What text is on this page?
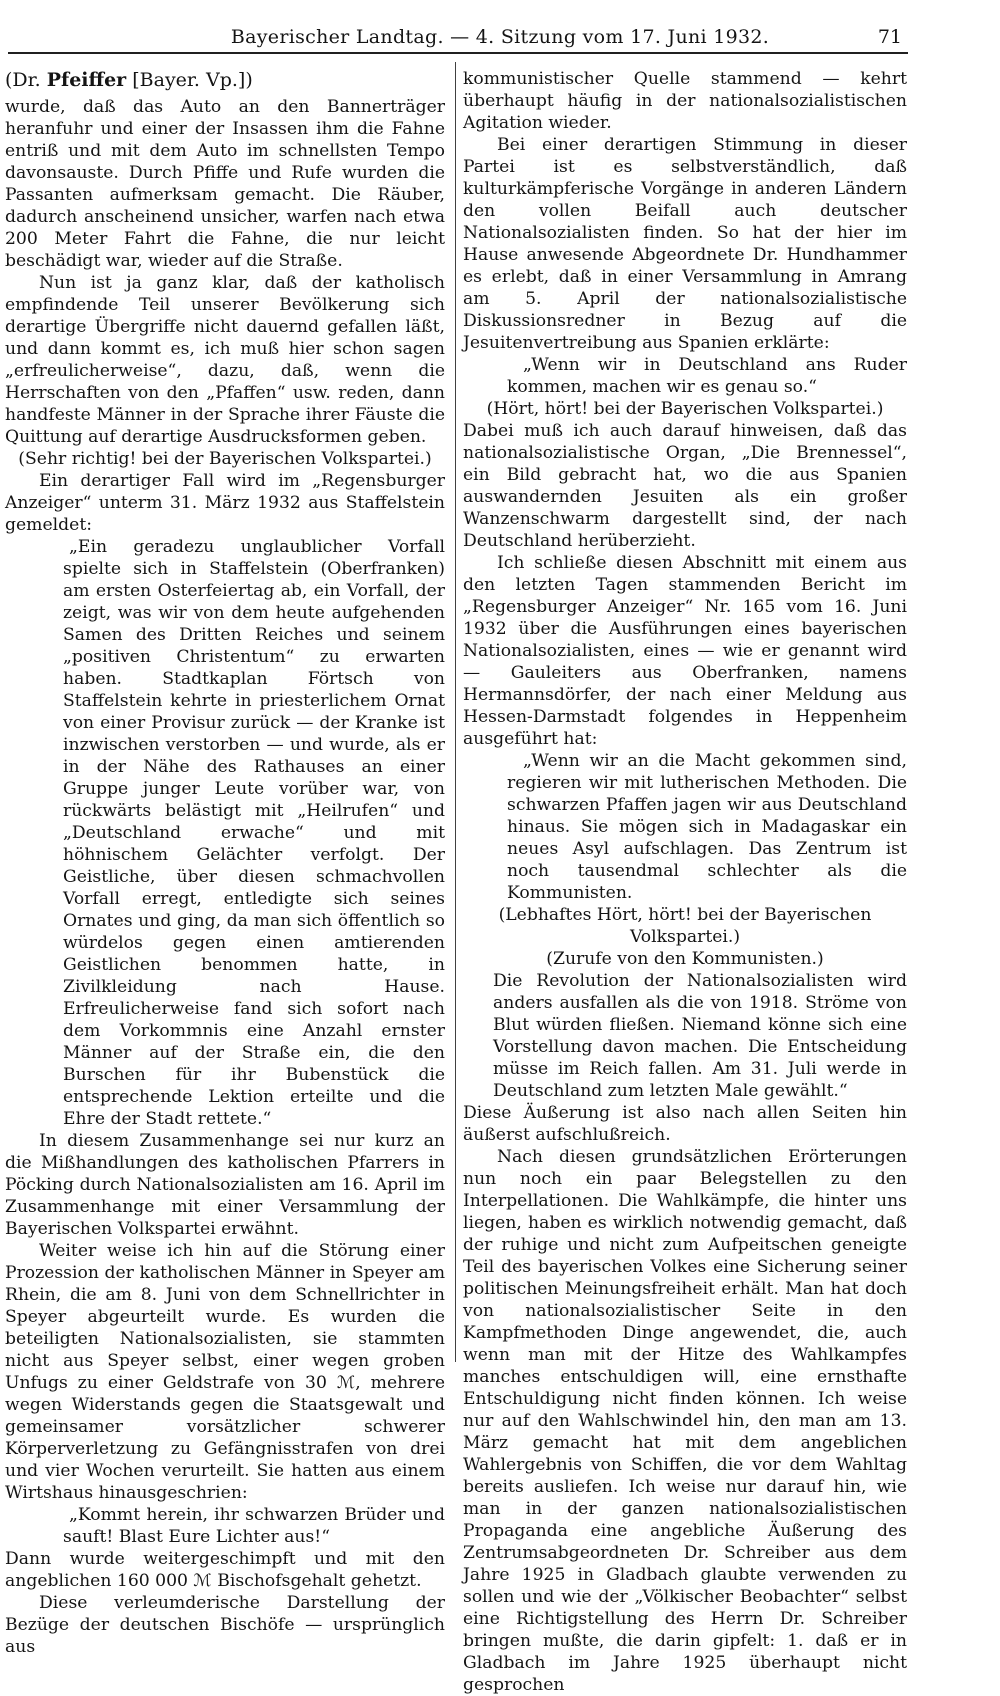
Bayerischer Landtag. — 4. Sitzung vom 17. Juni 1932.	71

(Dr. Pfeiffer [Bayer. Vp.])

wurde, daß das Auto an den Bannerträger heranfuhr und einer der Insassen ihm die Fahne entriß und mit dem Auto im schnellsten Tempo davonsauste. Durch Pfiffe und Rufe wurden die Passanten aufmerksam gemacht. Die Räuber, dadurch anscheinend unsicher, warfen nach etwa 200 Meter Fahrt die Fahne, die nur leicht beschädigt war, wieder auf die Straße.

Nun ist ja ganz klar, daß der katholisch empfindende Teil unserer Bevölkerung sich derartige Übergriffe nicht dauernd gefallen läßt, und dann kommt es, ich muß hier schon sagen „erfreulicherweise“, dazu, daß, wenn die Herrschaften von den „Pfaffen“ usw. reden, dann handfeste Männer in der Sprache ihrer Fäuste die Quittung auf derartige Ausdrucksformen geben.

(Sehr richtig! bei der Bayerischen Volkspartei.)

Ein derartiger Fall wird im „Regensburger Anzeiger“ unterm 31. März 1932 aus Staffelstein gemeldet:

„Ein geradezu unglaublicher Vorfall spielte sich in Staffelstein (Oberfranken) am ersten Osterfeiertag ab, ein Vorfall, der zeigt, was wir von dem heute aufgehenden Samen des Dritten Reiches und seinem „positiven Christentum“ zu erwarten haben. Stadtkaplan Förtsch von Staffelstein kehrte in priesterlichem Ornat von einer Provisur zurück — der Kranke ist inzwischen verstorben — und wurde, als er in der Nähe des Rathauses an einer Gruppe junger Leute vorüber war, von rückwärts belästigt mit „Heilrufen“ und „Deutschland erwache“ und mit höhnischem Gelächter verfolgt. Der Geistliche, über diesen schmachvollen Vorfall erregt, entledigte sich seines Ornates und ging, da man sich öffentlich so würdelos gegen einen amtierenden Geistlichen benommen hatte, in Zivilkleidung nach Hause. Erfreulicherweise fand sich sofort nach dem Vorkommnis eine Anzahl ernster Männer auf der Straße ein, die den Burschen für ihr Bubenstück die entsprechende Lektion erteilte und die Ehre der Stadt rettete.“

In diesem Zusammenhange sei nur kurz an die Mißhandlungen des katholischen Pfarrers in Pöcking durch Nationalsozialisten am 16. April im Zusammenhange mit einer Versammlung der Bayerischen Volkspartei erwähnt.

Weiter weise ich hin auf die Störung einer Prozession der katholischen Männer in Speyer am Rhein, die am 8. Juni von dem Schnellrichter in Speyer abgeurteilt wurde. Es wurden die beteiligten Nationalsozialisten, sie stammten nicht aus Speyer selbst, einer wegen groben Unfugs zu einer Geldstrafe von 30 ℳ, mehrere wegen Widerstands gegen die Staatsgewalt und gemeinsamer vorsätzlicher schwerer Körperverletzung zu Gefängnisstrafen von drei und vier Wochen verurteilt. Sie hatten aus einem Wirtshaus hinausgeschrien:

„Kommt herein, ihr schwarzen Brüder und sauft! Blast Eure Lichter aus!“

Dann wurde weitergeschimpft und mit den angeblichen 160 000 ℳ Bischofsgehalt gehetzt.

Diese verleumderische Darstellung der Bezüge der deutschen Bischöfe — ursprünglich aus

kommunistischer Quelle stammend — kehrt überhaupt häufig in der nationalsozialistischen Agitation wieder.

Bei einer derartigen Stimmung in dieser Partei ist es selbstverständlich, daß kulturkämpferische Vorgänge in anderen Ländern den vollen Beifall auch deutscher Nationalsozialisten finden. So hat der hier im Hause anwesende Abgeordnete Dr. Hundhammer es erlebt, daß in einer Versammlung in Amrang am 5. April der nationalsozialistische Diskussionsredner in Bezug auf die Jesuitenvertreibung aus Spanien erklärte:

„Wenn wir in Deutschland ans Ruder kommen, machen wir es genau so.“

(Hört, hört! bei der Bayerischen Volkspartei.)

Dabei muß ich auch darauf hinweisen, daß das nationalsozialistische Organ, „Die Brennessel“, ein Bild gebracht hat, wo die aus Spanien auswandernden Jesuiten als ein großer Wanzenschwarm dargestellt sind, der nach Deutschland herüberzieht.

Ich schließe diesen Abschnitt mit einem aus den letzten Tagen stammenden Bericht im „Regensburger Anzeiger“ Nr. 165 vom 16. Juni 1932 über die Ausführungen eines bayerischen Nationalsozialisten, eines — wie er genannt wird — Gauleiters aus Oberfranken, namens Hermannsdörfer, der nach einer Meldung aus Hessen-Darmstadt folgendes in Heppenheim ausgeführt hat:

„Wenn wir an die Macht gekommen sind, regieren wir mit lutherischen Methoden. Die schwarzen Pfaffen jagen wir aus Deutschland hinaus. Sie mögen sich in Madagaskar ein neues Asyl aufschlagen. Das Zentrum ist noch tausendmal schlechter als die Kommunisten.

(Lebhaftes Hört, hört! bei der Bayerischen Volkspartei.)

(Zurufe von den Kommunisten.)

Die Revolution der Nationalsozialisten wird anders ausfallen als die von 1918. Ströme von Blut würden fließen. Niemand könne sich eine Vorstellung davon machen. Die Entscheidung müsse im Reich fallen. Am 31. Juli werde in Deutschland zum letzten Male gewählt.“

Diese Äußerung ist also nach allen Seiten hin äußerst aufschlußreich.

Nach diesen grundsätzlichen Erörterungen nun noch ein paar Belegstellen zu den Interpellationen. Die Wahlkämpfe, die hinter uns liegen, haben es wirklich notwendig gemacht, daß der ruhige und nicht zum Aufpeitschen geneigte Teil des bayerischen Volkes eine Sicherung seiner politischen Meinungsfreiheit erhält. Man hat doch von nationalsozialistischer Seite in den Kampfmethoden Dinge angewendet, die, auch wenn man mit der Hitze des Wahlkampfes manches entschuldigen will, eine ernsthafte Entschuldigung nicht finden können. Ich weise nur auf den Wahlschwindel hin, den man am 13. März gemacht hat mit dem angeblichen Wahlergebnis von Schiffen, die vor dem Wahltag bereits ausliefen. Ich weise nur darauf hin, wie man in der ganzen nationalsozialistischen Propaganda eine angebliche Äußerung des Zentrumsabgeordneten Dr. Schreiber aus dem Jahre 1925 in Gladbach glaubte verwenden zu sollen und wie der „Völkischer Beobachter“ selbst eine Richtigstellung des Herrn Dr. Schreiber bringen mußte, die darin gipfelt: 1. daß er in Gladbach im Jahre 1925 überhaupt nicht gesprochen
